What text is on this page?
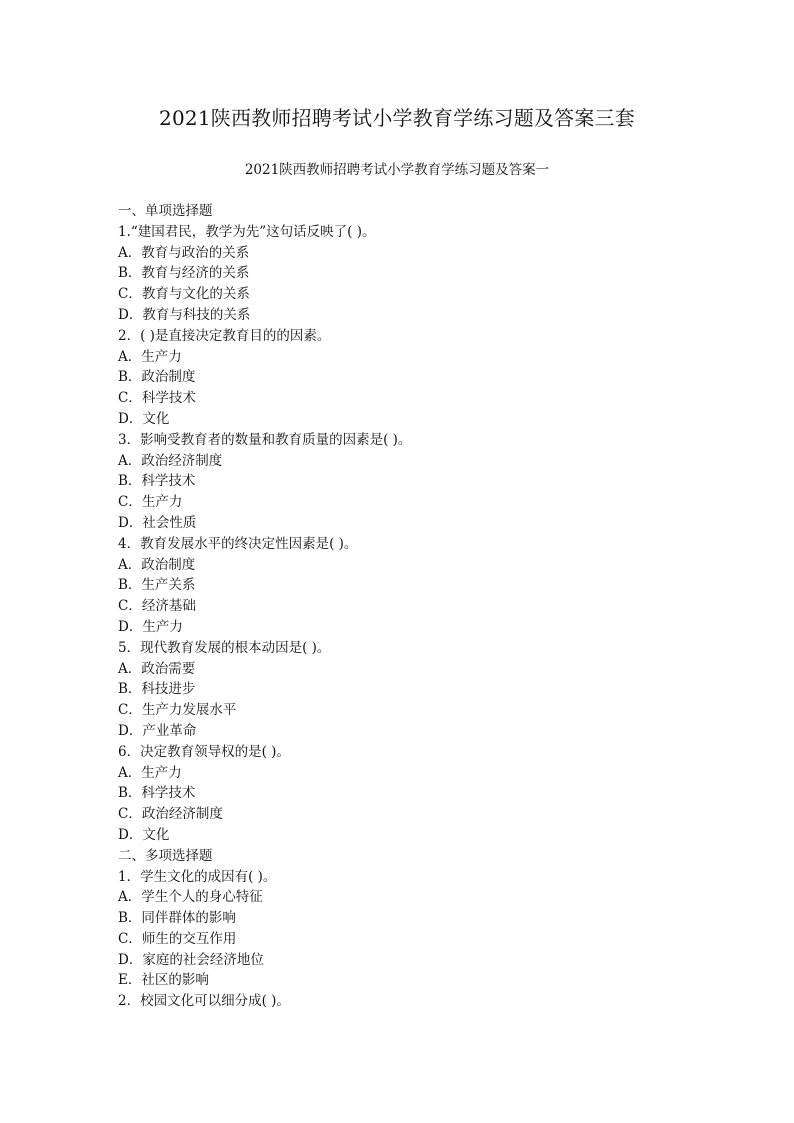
2021陕西教师招聘考试小学教育学练习题及答案三套
2021陕西教师招聘考试小学教育学练习题及答案一
一、单项选择题
1.“建国君民，教学为先”这句话反映了( )。
A．教育与政治的关系
B．教育与经济的关系
C．教育与文化的关系
D．教育与科技的关系
2．( )是直接决定教育目的的因素。
A．生产力
B．政治制度
C．科学技术
D．文化
3．影响受教育者的数量和教育质量的因素是( )。
A．政治经济制度
B．科学技术
C．生产力
D．社会性质
4．教育发展水平的终决定性因素是( )。
A．政治制度
B．生产关系
C．经济基础
D．生产力
5．现代教育发展的根本动因是( )。
A．政治需要
B．科技进步
C．生产力发展水平
D．产业革命
6．决定教育领导权的是( )。
A．生产力
B．科学技术
C．政治经济制度
D．文化
二、多项选择题
1．学生文化的成因有( )。
A．学生个人的身心特征
B．同伴群体的影响
C．师生的交互作用
D．家庭的社会经济地位
E．社区的影响
2．校园文化可以细分成( )。
